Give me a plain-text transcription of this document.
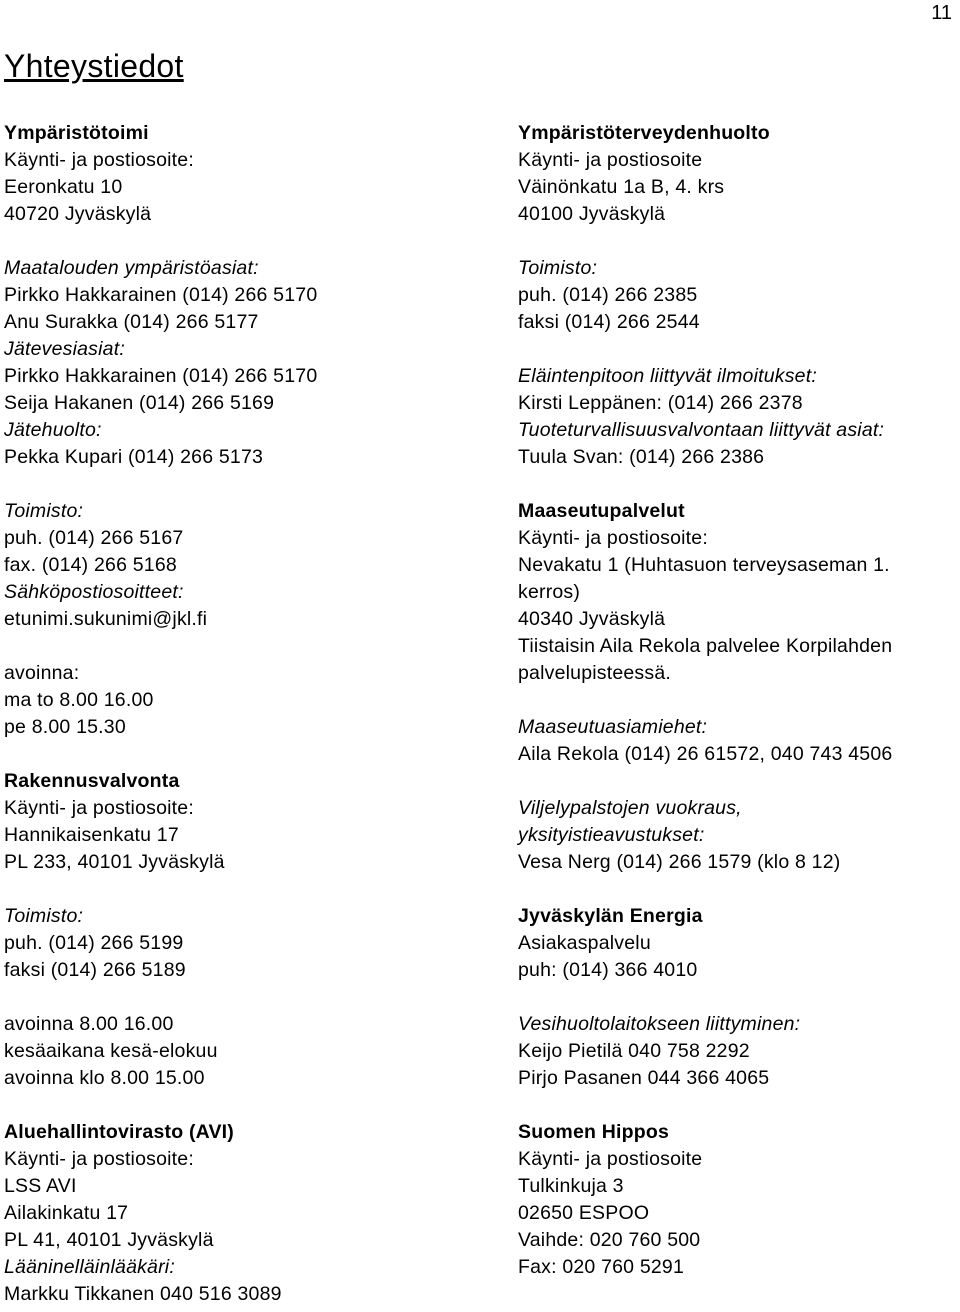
11
Yhteystiedot
Ympäristötoimi
Käynti- ja postiosoite:
Eeronkatu 10
40720 Jyväskylä
Maatalouden ympäristöasiat:
Pirkko Hakkarainen (014) 266 5170
Anu Surakka (014) 266 5177
Jätevesiasiat:
Pirkko Hakkarainen (014) 266 5170
Seija Hakanen (014) 266 5169
Jätehuolto:
Pekka Kupari (014) 266 5173
Toimisto:
puh. (014) 266 5167
fax. (014) 266 5168
Sähköpostiosoitteet:
etunimi.sukunimi@jkl.fi
avoinna:
ma to 8.00 16.00
pe 8.00 15.30
Rakennusvalvonta
Käynti- ja postiosoite:
Hannikaisenkatu 17
PL 233, 40101 Jyväskylä
Toimisto:
puh. (014) 266 5199
faksi (014) 266 5189
avoinna 8.00 16.00
kesäaikana kesä-elokuu
avoinna klo 8.00 15.00
Aluehallintovirasto (AVI)
Käynti- ja postiosoite:
LSS AVI
Ailakinkatu 17
PL 41, 40101 Jyväskylä
Lääninelläinlääkäri:
Markku Tikkanen 040 516 3089
Ympäristöterveydenhuolto
Käynti- ja postiosoite
Väinönkatu 1a B, 4. krs
40100 Jyväskylä
Toimisto:
puh. (014) 266 2385
faksi (014) 266 2544
Eläintenpitoon liittyvät ilmoitukset:
Kirsti Leppänen: (014) 266 2378
Tuoteturvallisuusvalvontaan liittyvät asiat:
Tuula Svan: (014) 266 2386
Maaseutupalvelut
Käynti- ja postiosoite:
Nevakatu 1 (Huhtasuon terveysaseman 1.
kerros)
40340 Jyväskylä
Tiistaisin Aila Rekola palvelee Korpilahden
palvelupisteessä.
Maaseutuasiamiehet:
Aila Rekola (014) 26 61572, 040 743 4506
Viljelypalstojen vuokraus,
yksityistieavustukset:
Vesa Nerg (014) 266 1579 (klo 8 12)
Jyväskylän Energia
Asiakaspalvelu
puh: (014) 366 4010
Vesihuoltolaitokseen liittyminen:
Keijo Pietilä 040 758 2292
Pirjo Pasanen 044 366 4065
Suomen Hippos
Käynti- ja postiosoite
Tulkinkuja 3
02650 ESPOO
Vaihde: 020 760 500
Fax: 020 760 5291
